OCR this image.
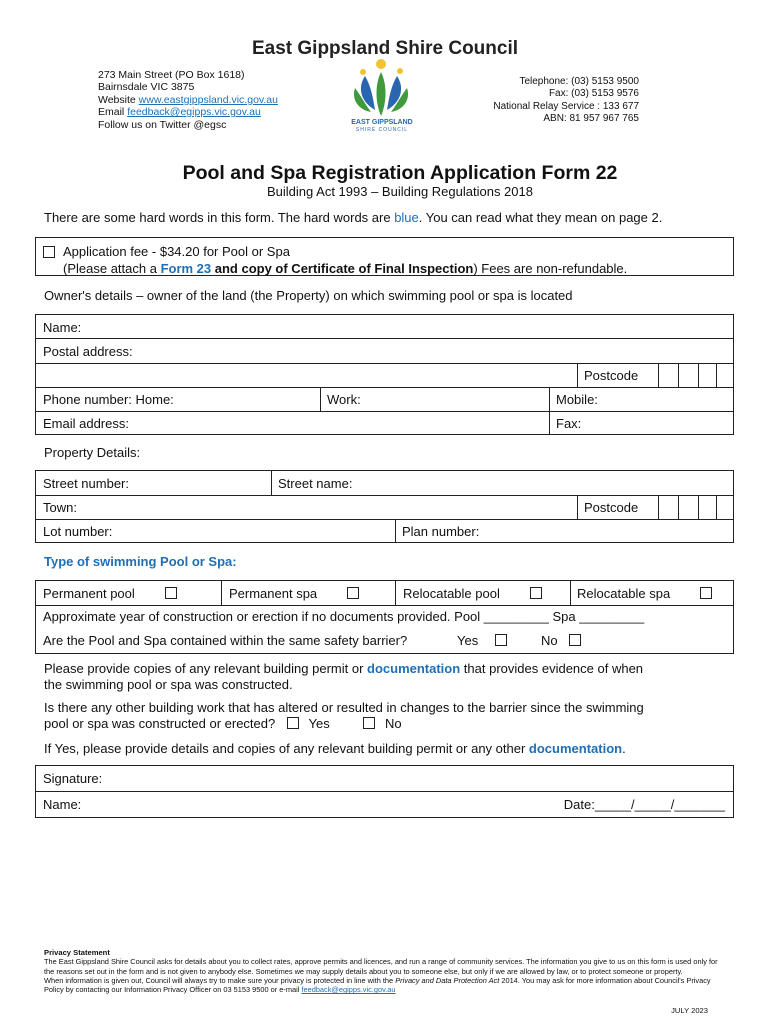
East Gippsland Shire Council
273 Main Street (PO Box 1618)
Bairnsdale VIC 3875
Website www.eastgippsland.vic.gov.au
Email feedback@egipps.vic.gov.au
Follow us on Twitter @egsc	EAST GIPPSLAND
SHIRE COUNCIL
Telephone: (03) 5153 9500
Fax: (03) 5153 9576
National Relay Service : 133 677
ABN: 81 957 967 765
Pool and Spa Registration Application Form 22
Building Act 1993 – Building Regulations 2018
There are some hard words in this form. The hard words are blue. You can read what they mean on page 2.
Application fee - $34.20 for Pool or Spa
(Please attach a Form 23 and copy of Certificate of Final Inspection) Fees are non-refundable.
Owner's details – owner of the land (the Property) on which swimming pool or spa is located
Name:
Postal address:
Postcode
Phone number: Home:	Work:	Mobile:
Email address:	Fax:
Property Details:
Street number:	Street name:
Town:	Postcode
Lot number:	Plan number:
Type of swimming Pool or Spa:
Permanent pool	Permanent spa	Relocatable pool	Relocatable spa
Approximate year of construction or erection if no documents provided. Pool _________ Spa _________
Are the Pool and Spa contained within the same safety barrier?	Yes	No
Please provide copies of any relevant building permit or documentation that provides evidence of when
the swimming pool or spa was constructed.
Is there any other building work that has altered or resulted in changes to the barrier since the swimming
pool or spa was constructed or erected?	Yes	No
If Yes, please provide details and copies of any relevant building permit or any other documentation.
Signature:
Name:	Date:_____/_____/_______
Privacy Statement
The East Gippsland Shire Council asks for details about you to collect rates, approve permits and licences, and run a range of community services. The information you give to us on this form is used only for the reasons set out in the form and is not given to anybody else. Sometimes we may supply details about you to someone else, but only if we are allowed by law, or to protect someone or property.
When information is given out, Council will always try to make sure your privacy is protected in line with the Privacy and Data Protection Act 2014. You may ask for more information about Council's Privacy Policy by contacting our Information Privacy Officer on 03 5153 9500 or e-mail feedback@egipps.vic.gov.au
JULY 2023
